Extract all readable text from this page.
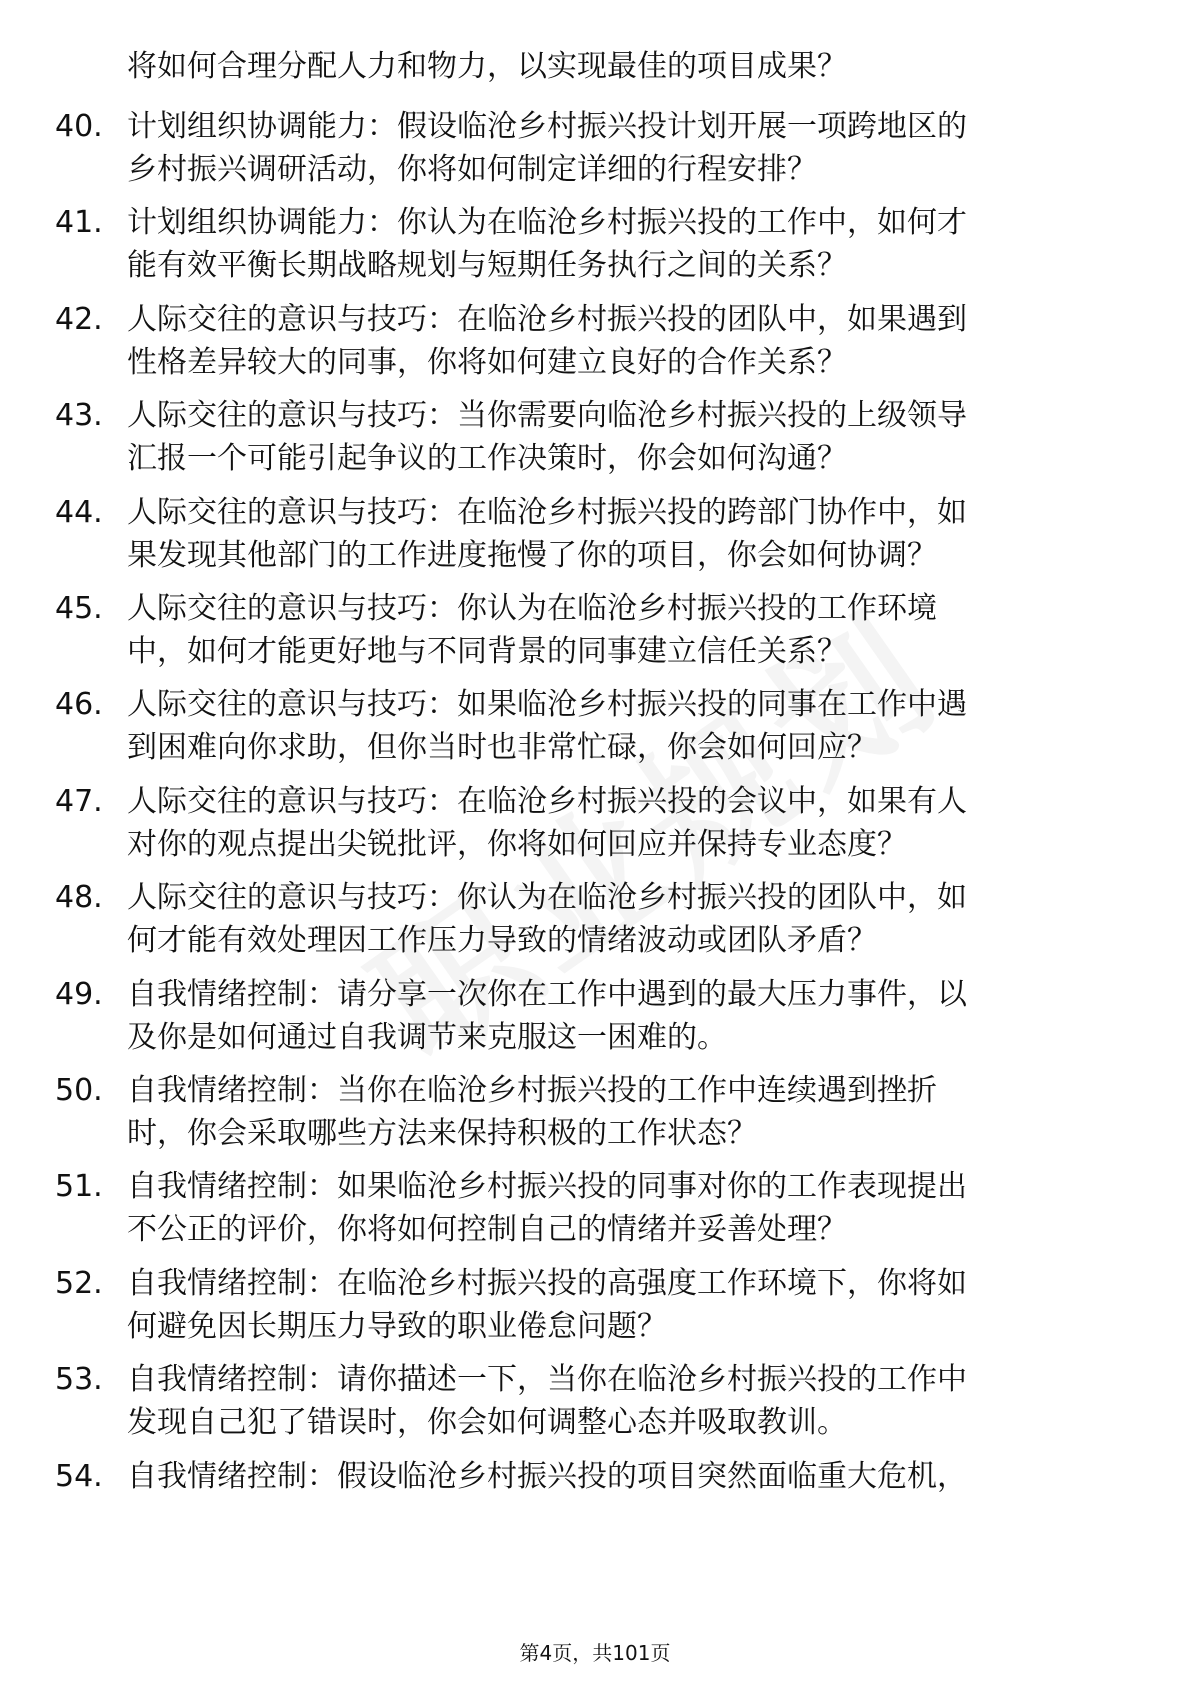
将如何合理分配人力和物力，以实现最佳的项目成果？
40. 计划组织协调能力：假设临沧乡村振兴投计划开展一项跨地区的
乡村振兴调研活动，你将如何制定详细的行程安排？
41. 计划组织协调能力：你认为在临沧乡村振兴投的工作中，如何才
能有效平衡长期战略规划与短期任务执行之间的关系？
42. 人际交往的意识与技巧：在临沧乡村振兴投的团队中，如果遇到
性格差异较大的同事，你将如何建立良好的合作关系？
43. 人际交往的意识与技巧：当你需要向临沧乡村振兴投的上级领导
汇报一个可能引起争议的工作决策时，你会如何沟通？
44. 人际交往的意识与技巧：在临沧乡村振兴投的跨部门协作中，如
果发现其他部门的工作进度拖慢了你的项目，你会如何协调？
45. 人际交往的意识与技巧：你认为在临沧乡村振兴投的工作环境
中，如何才能更好地与不同背景的同事建立信任关系？
46. 人际交往的意识与技巧：如果临沧乡村振兴投的同事在工作中遇
到困难向你求助，但你当时也非常忙碌，你会如何回应？
47. 人际交往的意识与技巧：在临沧乡村振兴投的会议中，如果有人
对你的观点提出尖锐批评，你将如何回应并保持专业态度？
48. 人际交往的意识与技巧：你认为在临沧乡村振兴投的团队中，如
何才能有效处理因工作压力导致的情绪波动或团队矛盾？
49. 自我情绪控制：请分享一次你在工作中遇到的最大压力事件，以
及你是如何通过自我调节来克服这一困难的。
50. 自我情绪控制：当你在临沧乡村振兴投的工作中连续遇到挫折
时，你会采取哪些方法来保持积极的工作状态？
51. 自我情绪控制：如果临沧乡村振兴投的同事对你的工作表现提出
不公正的评价，你将如何控制自己的情绪并妥善处理？
52. 自我情绪控制：在临沧乡村振兴投的高强度工作环境下，你将如
何避免因长期压力导致的职业倦怠问题？
53. 自我情绪控制：请你描述一下，当你在临沧乡村振兴投的工作中
发现自己犯了错误时，你会如何调整心态并吸取教训。
54. 自我情绪控制：假设临沧乡村振兴投的项目突然面临重大危机，
第4页，共101页
